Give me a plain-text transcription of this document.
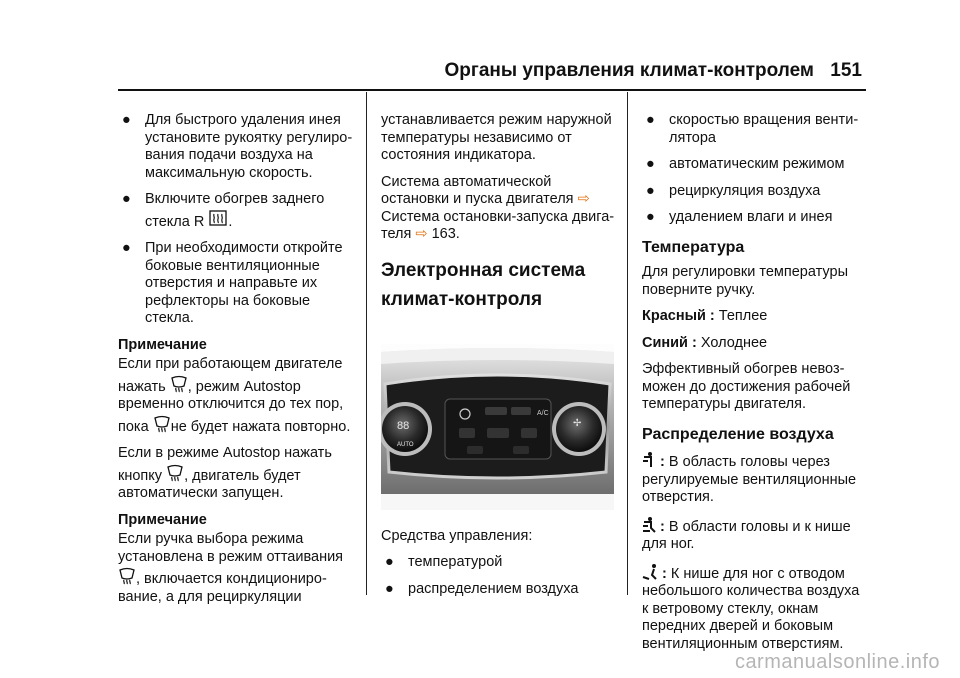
Органы управления климат-контролем 151
● Для быстрого удаления инея установите рукоятку регулирования подачи воздуха на максимальную скорость.
● Включите обогрев заднего стекла R .
● При необходимости откройте боковые вентиляционные отверстия и направьте их рефлекторы на боковые стекла.
Примечание

Если при работающем двигателе нажать , режим Autostop временно отключится до тех пор, пока не будет нажата повторно.

Если в режиме Autostop нажать кнопку , двигатель будет автоматически запущен.

Примечание

Если ручка выбора режима установлена в режим оттаивания , включается кондиционирование, а для рециркуляции

устанавливается режим наружной температуры независимо от состояния индикатора.

Система автоматической остановки и пуска двигателя ⇨
Система остановки-запуска двигателя ⇨ 163.

Электронная система климат-контроля
88
AUTO
✢
A/C

Средства управления:

● температурой
● распределением воздуха
● скоростью вращения вентилятора
● автоматическим режимом
● рециркуляция воздуха
● удалением влаги и инея
Температура

Для регулировки температуры поверните ручку.

Красный : Теплее

Синий : Холоднее

Эффективный обогрев невозможен до достижения рабочей температуры двигателя.

Распределение воздуха

: В область головы через регулируемые вентиляционные отверстия.

: В области головы и к нише для ног.

: К нише для ног с отводом небольшого количества воздуха к ветровому стеклу, окнам передних дверей и боковым вентиляционным отверстиям.

carmanualsonline.info
